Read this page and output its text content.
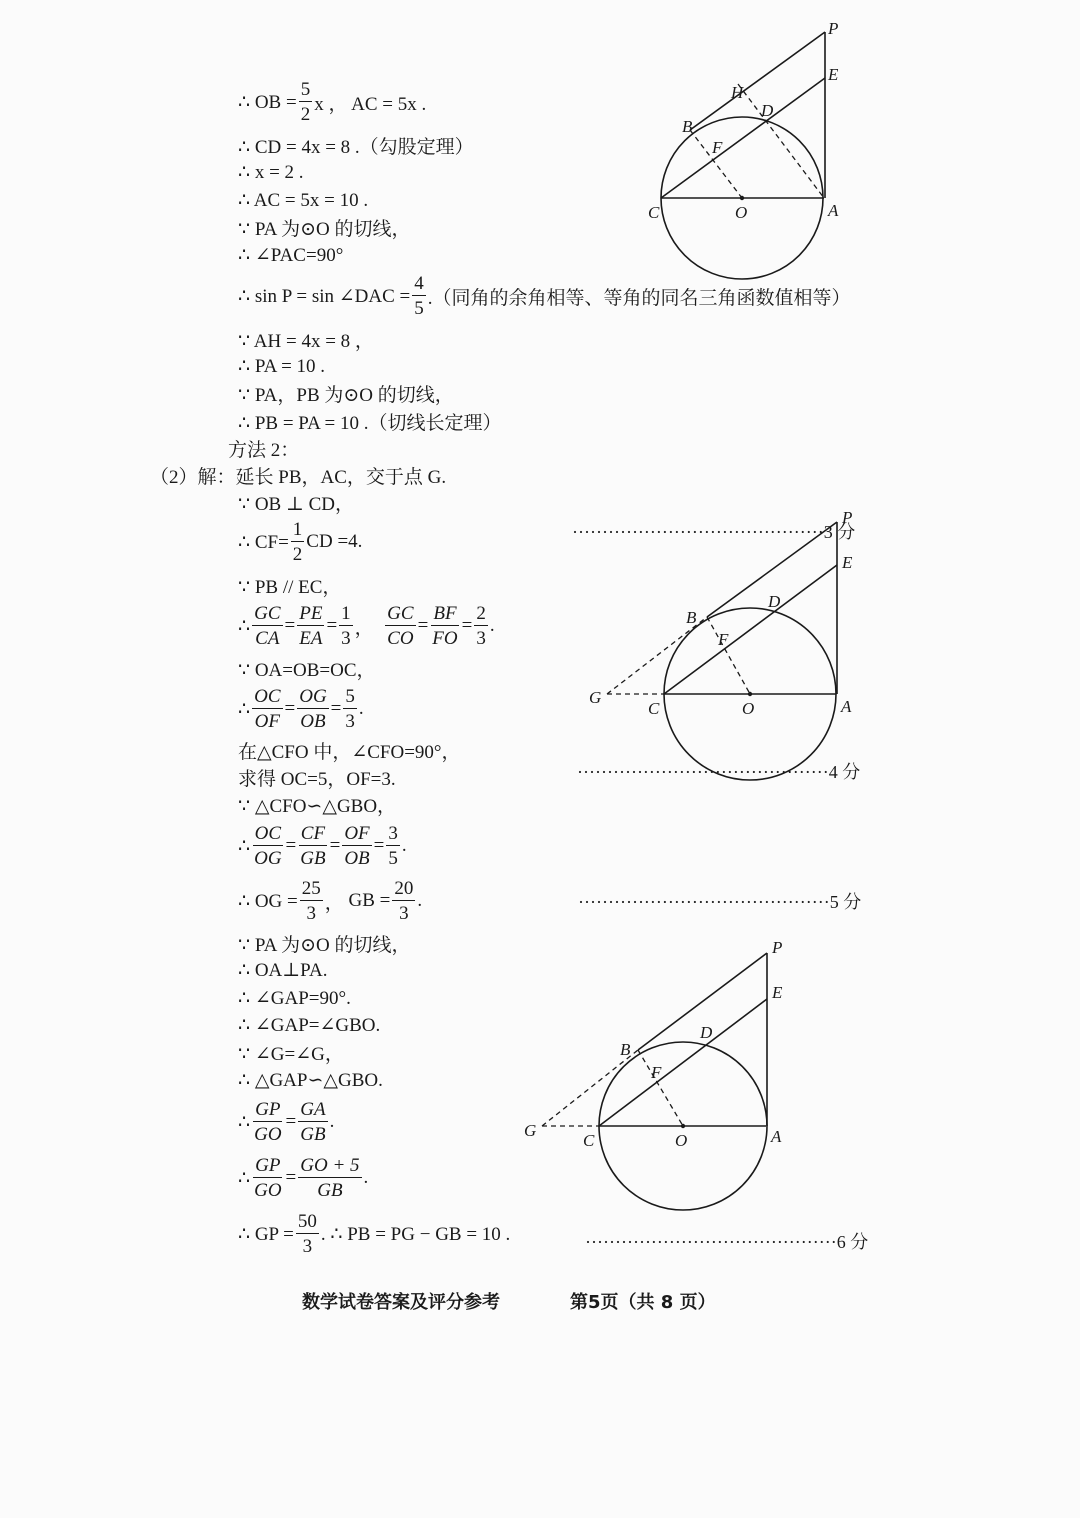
∴ OB = $\frac{5}{2}$ x ， AC = 5x .
∴ CD = 4x = 8 .（勾股定理）
∴ x = 2 .
∴ AC = 5x = 10 .
∵ PA 为⊙O 的切线，
∴ ∠PAC=90°
∴ sin P = sin ∠DAC = $\frac{4}{5}$ .（同角的余角相等、等角的同名三角函数值相等）
∵ AH = 4x = 8 ，
∴ PA = 10 .
∵ PA，PB 为⊙O 的切线，
∴ PB = PA = 10 .（切线长定理）
方法 2：
（2）解：延长 PB，AC，交于点 G.
∵ OB ⊥ CD，
∴ $CF= \frac{1}{2}$ CD =4.
∵ PB // EC，
∴ $\frac{GC}{CA} = \frac{PE}{EA} = \frac{1}{3}$ ， $\frac{GC}{CO} = \frac{BF}{FO} = \frac{2}{3}$ .
∵ OA=OB=OC，
∴ $\frac{OC}{OF} = \frac{OG}{OB} = \frac{5}{3}$ .
在△CFO 中，∠CFO=90°，
求得 OC=5，OF=3.
∵ △CFO∽△GBO，
∴ $\frac{OC}{OG} = \frac{CF}{GB} = \frac{OF}{OB} = \frac{3}{5}$ .
∴ OG = $\frac{25}{3}$ ， GB = $\frac{20}{3}$ .
∵ PA 为⊙O 的切线，
∴ OA⊥PA.
∴ ∠GAP=90°.
∴ ∠GAP=∠GBO.
∵ ∠G=∠G，
∴ △GAP∽△GBO.
∴ $\frac{GP}{GO} = \frac{GA}{GB}$ .
∴ $\frac{GP}{GO} = \frac{GO + 5}{GB}$ .
∴ GP = $\frac{50}{3}$ . ∴ PB = PG − GB = 10 .
··········································3 分
··········································4 分
··········································5 分
··········································6 分
数学试卷答案及评分参考	第5页（共 8 页）
P
E
H
D
B
F
C	O	A
P
E
D
B
F
G
C	O	A
P
E
D
B
F
G
C	O	A
